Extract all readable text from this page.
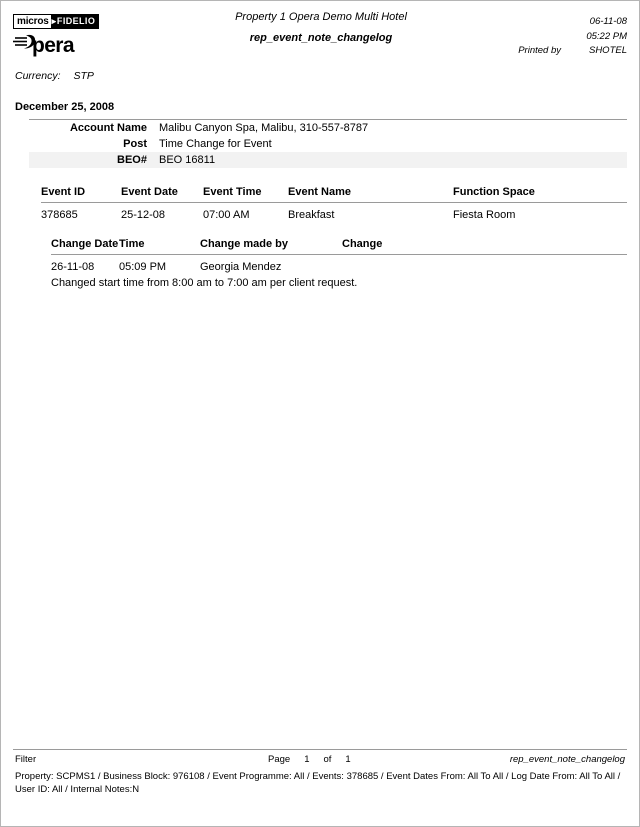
micros ▸ FIDELIO
pera
Currency: STP
Property 1 Opera Demo Multi Hotel
rep_event_note_changelog
06-11-08
05:22 PM
Printed by	SHOTEL
December 25, 2008
Account Name	Malibu Canyon Spa, Malibu, 310-557-8787
Post	Time Change for Event
BEO#	BEO 16811
Event ID	Event Date	Event Time	Event Name	Function Space
378685	25-12-08	07:00 AM	Breakfast	Fiesta Room
Change Date	Time	Change made by	Change
26-11-08	05:09 PM	Georgia Mendez	
Changed start time from 8:00 am to 7:00 am per client request.
Filter	Page 1 of 1	rep_event_note_changelog
Property: SCPMS1 / Business Block: 976108 / Event Programme: All / Events: 378685 / Event Dates From: All To All / Log Date From: All To All / User ID: All / Internal Notes:N
